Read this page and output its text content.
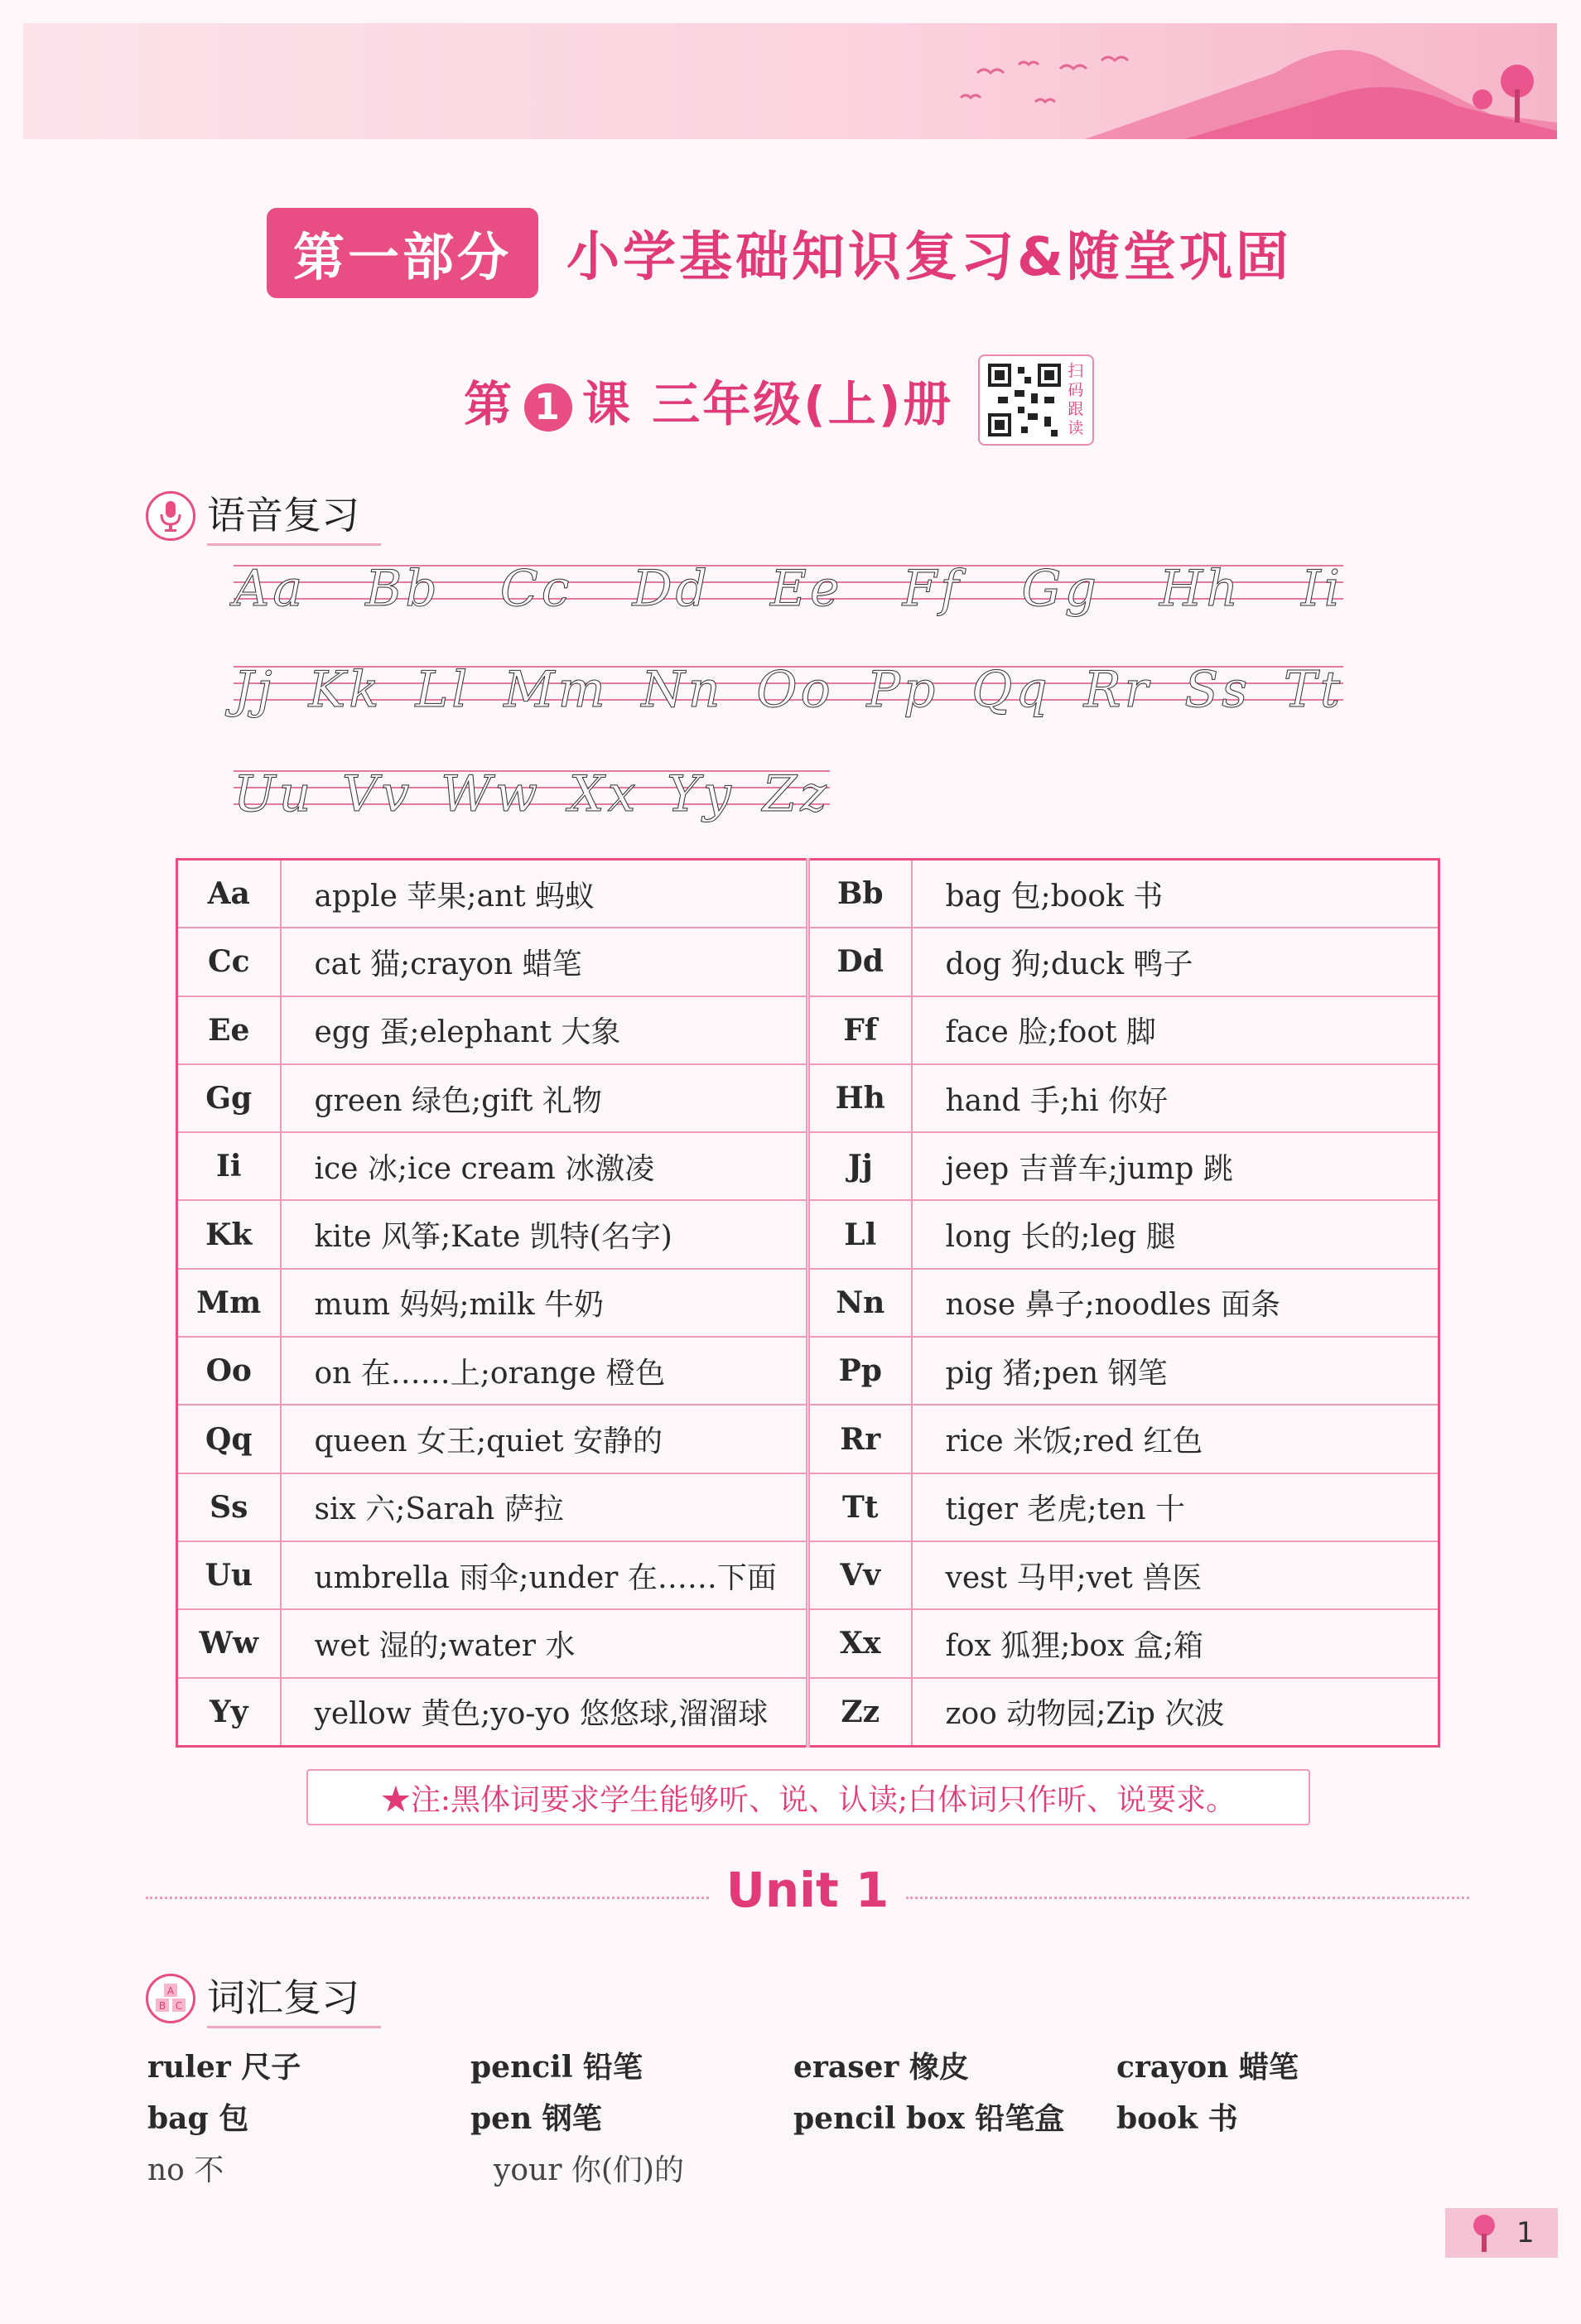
第一部分	小学基础知识复习&随堂巩固
第 1 课 三年级(上)册
扫码跟读
语音复习
Aa Bb Cc Dd Ee Ff Gg Hh Ii
Jj Kk Ll Mm Nn Oo Pp Qq Rr Ss Tt
Uu Vv Ww Xx Yy Zz
Aa	apple 苹果;ant 蚂蚁	Bb	bag 包;book 书
Cc	cat 猫;crayon 蜡笔	Dd	dog 狗;duck 鸭子
Ee	egg 蛋;elephant 大象	Ff	face 脸;foot 脚
Gg	green 绿色;gift 礼物	Hh	hand 手;hi 你好
Ii	ice 冰;ice cream 冰激凌	Jj	jeep 吉普车;jump 跳
Kk	kite 风筝;Kate 凯特(名字)	Ll	long 长的;leg 腿
Mm	mum 妈妈;milk 牛奶	Nn	nose 鼻子;noodles 面条
Oo	on 在……上;orange 橙色	Pp	pig 猪;pen 钢笔
Qq	queen 女王;quiet 安静的	Rr	rice 米饭;red 红色
Ss	six 六;Sarah 萨拉	Tt	tiger 老虎;ten 十
Uu	umbrella 雨伞;under 在……下面	Vv	vest 马甲;vet 兽医
Ww	wet 湿的;water 水	Xx	fox 狐狸;box 盒;箱
Yy	yellow 黄色;yo-yo 悠悠球,溜溜球	Zz	zoo 动物园;Zip 次波
★注:黑体词要求学生能够听、说、认读;白体词只作听、说要求。
Unit 1
A
B C 词汇复习
ruler 尺子	pencil 铅笔	eraser 橡皮	crayon 蜡笔
bag 包	pen 钢笔	pencil box 铅笔盒	book 书
no 不	your 你(们)的
1
